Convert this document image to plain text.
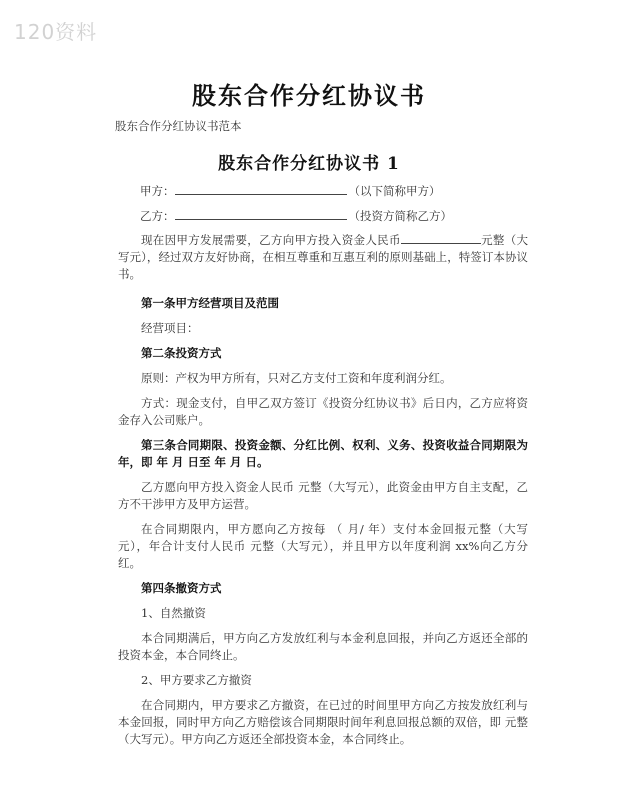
120资料
股东合作分红协议书
股东合作分红协议书范本
股东合作分红协议书 1
甲方：	（以下简称甲方）
乙方：	（投资方简称乙方）

现在因甲方发展需要，乙方向甲方投入资金人民币	元整（大写元），经过双方友好协商，在相互尊重和互惠互利的原则基础上，特签订本协议书。

第一条甲方经营项目及范围

经营项目：

第二条投资方式

原则：产权为甲方所有，只对乙方支付工资和年度利润分红。

方式：现金支付，自甲乙双方签订《投资分红协议书》后日内，乙方应将资金存入公司账户。

第三条合同期限、投资金额、分红比例、权利、义务、投资收益合同期限为年，即 年 月 日至 年 月 日。

乙方愿向甲方投入资金人民币 元整（大写元），此资金由甲方自主支配，乙方不干涉甲方及甲方运营。

在合同期限内，甲方愿向乙方按每 （ 月/ 年）支付本金回报元整（大写元），年合计支付人民币 元整（大写元），并且甲方以年度利润 xx%向乙方分红。

第四条撤资方式

1、自然撤资

本合同期满后，甲方向乙方发放红利与本金利息回报，并向乙方返还全部的投资本金，本合同终止。

2、甲方要求乙方撤资

在合同期内，甲方要求乙方撤资，在已过的时间里甲方向乙方按发放红利与本金回报，同时甲方向乙方赔偿该合同期限时间年利息回报总额的双倍，即 元整（大写元）。甲方向乙方返还全部投资本金，本合同终止。
